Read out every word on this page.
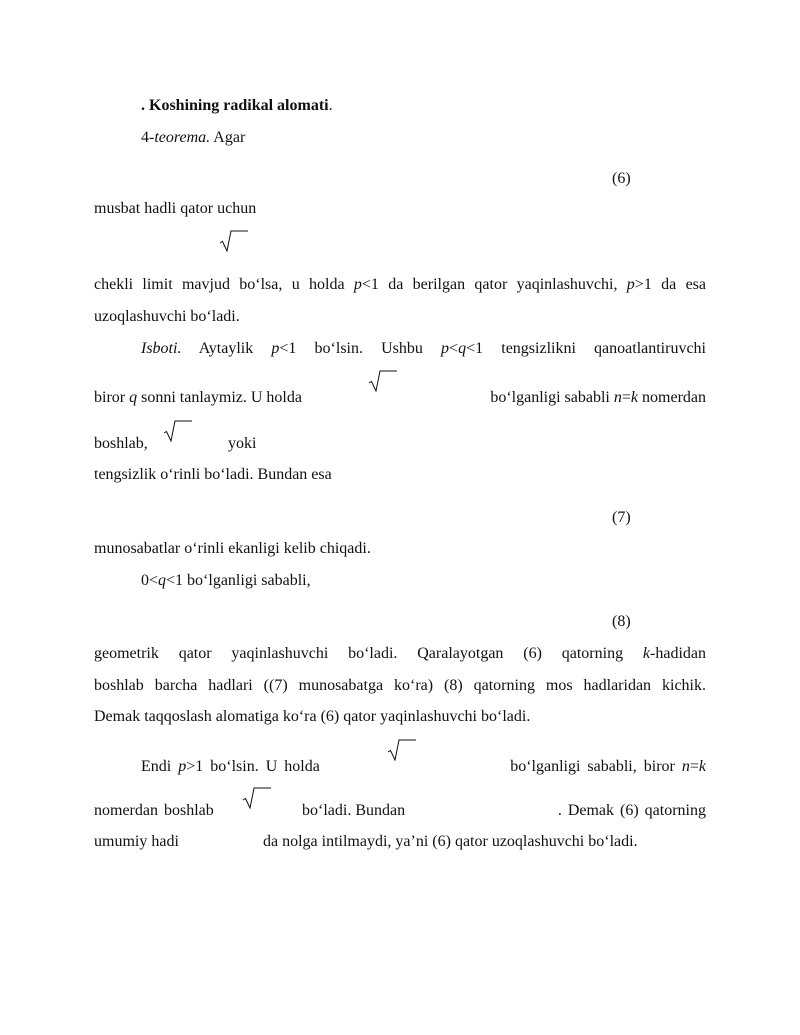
. Koshining radikal alomati.
4-teorema. Agar
(6)
musbat hadli qator uchun
chekli limit mavjud bo‘lsa, u holda p<1 da berilgan qator yaqinlashuvchi, p>1 da esa
uzoqlashuvchi bo‘ladi.
Isboti. Aytaylik p<1 bo‘lsin. Ushbu p<q<1 tengsizlikni qanoatlantiruvchi
biror q sonni tanlaymiz. U holda	bo‘lganligi sababli n=k nomerdan
boshlab,	yoki
tengsizlik o‘rinli bo‘ladi. Bundan esa
(7)
munosabatlar o‘rinli ekanligi kelib chiqadi.
0<q<1 bo‘lganligi sababli,
(8)
geometrik qator yaqinlashuvchi bo‘ladi. Qaralayotgan (6) qatorning k-hadidan
boshlab barcha hadlari ((7) munosabatga ko‘ra) (8) qatorning mos hadlaridan kichik.
Demak taqqoslash alomatiga ko‘ra (6) qator yaqinlashuvchi bo‘ladi.
Endi p>1 bo‘lsin. U holda	bo‘lganligi sababli, biror n=k
nomerdan boshlab	bo‘ladi. Bundan	. Demak (6) qatorning
umumiy hadi	da nolga intilmaydi, ya’ni (6) qator uzoqlashuvchi bo‘ladi.
